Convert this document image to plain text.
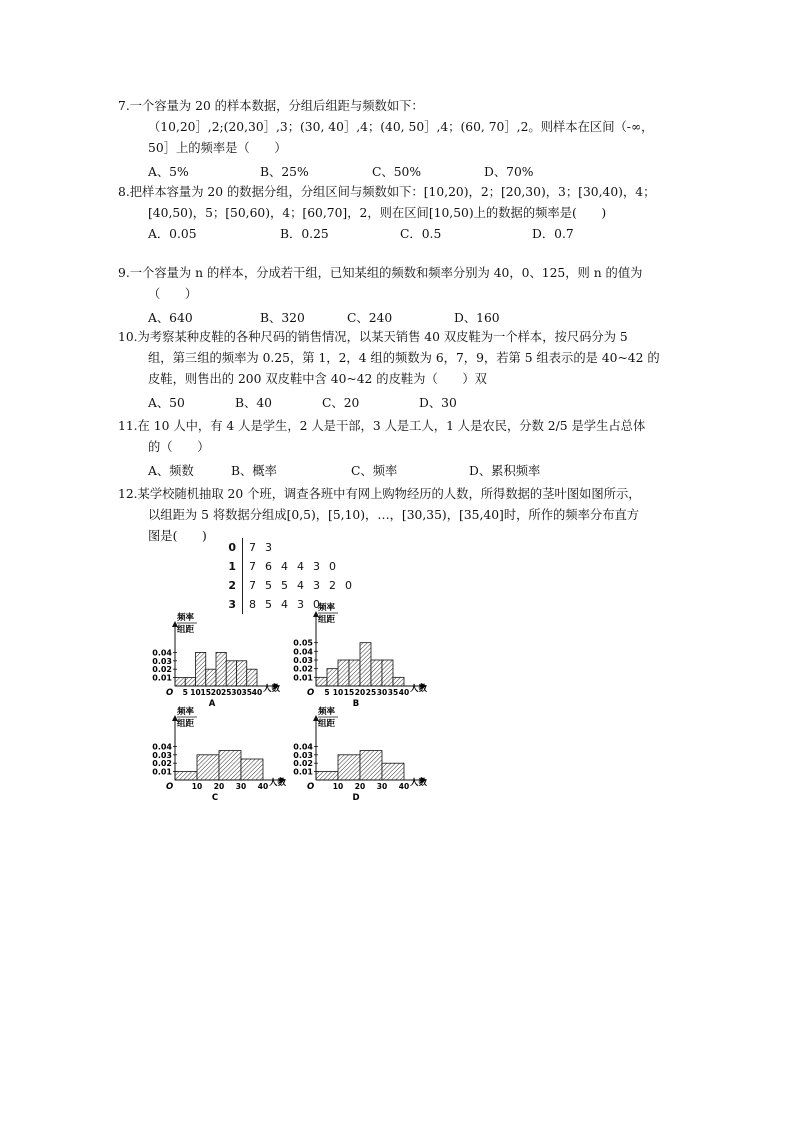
7.一个容量为 20 的样本数据，分组后组距与频数如下：
（10,20］,2;(20,30］,3；(30, 40］,4；(40, 50］,4；(60, 70］,2。则样本在区间（-∞，
50］上的频率是（　　）
A、5%	B、25%	C、50%	D、70%
8.把样本容量为 20 的数据分组，分组区间与频数如下：[10,20)，2；[20,30)，3；[30,40)，4；
[40,50)，5；[50,60)，4；[60,70]，2，则在区间[10,50)上的数据的频率是(　　)
A．0.05	B．0.25	C．0.5	D．0.7
9.一个容量为 n 的样本，分成若干组，已知某组的频数和频率分别为 40，0、125，则 n 的值为
（　　）
A、640	B、320	C、240	D、160
10.为考察某种皮鞋的各种尺码的销售情况，以某天销售 40 双皮鞋为一个样本，按尺码分为 5
组，第三组的频率为 0.25，第 1，2，4 组的频数为 6，7，9，若第 5 组表示的是 40~42 的
皮鞋，则售出的 200 双皮鞋中含 40~42 的皮鞋为（　　）双
A、50	B、40	C、20	D、30
11.在 10 人中，有 4 人是学生，2 人是干部，3 人是工人，1 人是农民，分数 2/5 是学生占总体
的（　　）
A、频数	B、概率	C、频率	D、累积频率
12.某学校随机抽取 20 个班，调查各班中有网上购物经历的人数，所得数据的茎叶图如图所示，
以组距为 5 将数据分组成[0,5)，[5,10)，…，[30,35)，[35,40]时，所作的频率分布直方
图是(　　)
0	7 3
1	7 6 4 4 3 0
2	7 5 5 4 3 2 0
3	8 5 4 3 0
0.04
0.03
0.02
0.01
5 10 15 20 25 30 35 40
O
频率
组距
人数
A
0.05
0.04
0.03
0.02
0.01
5 10 15 20 25 30 35 40
O
频率
组距
人数
B
0.04
0.03
0.02
0.01
10 20 30 40
O
频率
组距
人数
C
0.04
0.03
0.02
0.01
10 20 30 40
O
频率
组距
人数
D
